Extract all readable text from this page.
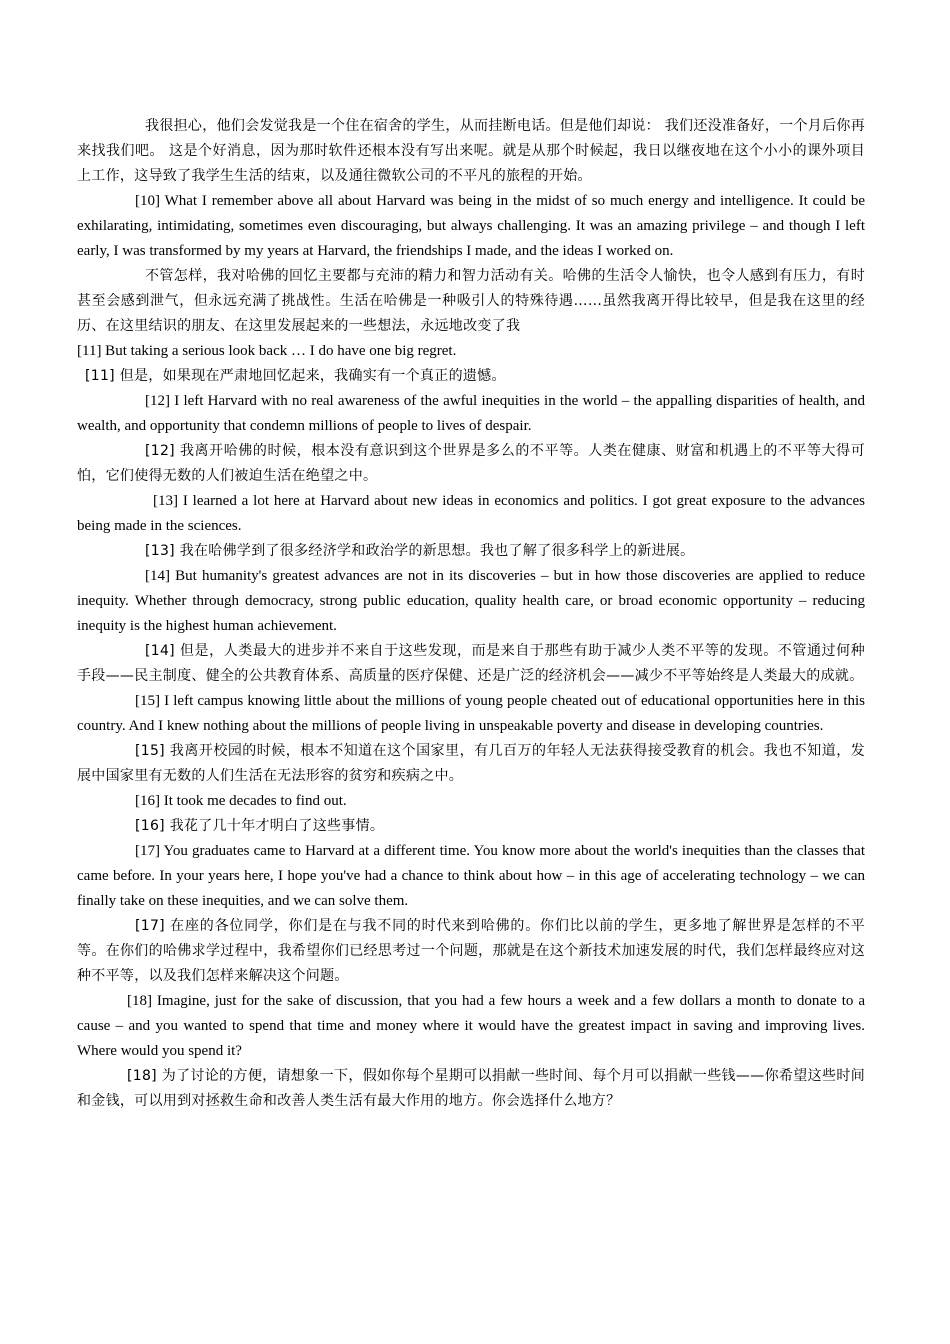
我很担心，他们会发觉我是一个住在宿舍的学生，从而挂断电话。但是他们却说： 我们还没准备好，一个月后你再来找我们吧。 这是个好消息，因为那时软件还根本没有写出来呢。就是从那个时候起，我日以继夜地在这个小小的课外项目上工作，这导致了我学生生活的结束，以及通往微软公司的不平凡的旅程的开始。

[10] What I remember above all about Harvard was being in the midst of so much energy and intelligence. It could be exhilarating, intimidating, sometimes even discouraging, but always challenging. It was an amazing privilege – and though I left early, I was transformed by my years at Harvard, the friendships I made, and the ideas I worked on.

不管怎样，我对哈佛的回忆主要都与充沛的精力和智力活动有关。哈佛的生活令人愉快，也令人感到有压力，有时甚至会感到泄气，但永远充满了挑战性。生活在哈佛是一种吸引人的特殊待遇……虽然我离开得比较早，但是我在这里的经历、在这里结识的朋友、在这里发展起来的一些想法，永远地改变了我

[11] But taking a serious look back … I do have one big regret.

[11] 但是，如果现在严肃地回忆起来，我确实有一个真正的遗憾。

[12] I left Harvard with no real awareness of the awful inequities in the world – the appalling disparities of health, and wealth, and opportunity that condemn millions of people to lives of despair.

[12] 我离开哈佛的时候，根本没有意识到这个世界是多么的不平等。人类在健康、财富和机遇上的不平等大得可怕，它们使得无数的人们被迫生活在绝望之中。

[13] I learned a lot here at Harvard about new ideas in economics and politics. I got great exposure to the advances being made in the sciences.

[13] 我在哈佛学到了很多经济学和政治学的新思想。我也了解了很多科学上的新进展。

[14] But humanity's greatest advances are not in its discoveries – but in how those discoveries are applied to reduce inequity. Whether through democracy, strong public education, quality health care, or broad economic opportunity – reducing inequity is the highest human achievement.

[14] 但是，人类最大的进步并不来自于这些发现，而是来自于那些有助于减少人类不平等的发现。不管通过何种手段——民主制度、健全的公共教育体系、高质量的医疗保健、还是广泛的经济机会——减少不平等始终是人类最大的成就。

[15] I left campus knowing little about the millions of young people cheated out of educational opportunities here in this country. And I knew nothing about the millions of people living in unspeakable poverty and disease in developing countries.

[15] 我离开校园的时候，根本不知道在这个国家里，有几百万的年轻人无法获得接受教育的机会。我也不知道，发展中国家里有无数的人们生活在无法形容的贫穷和疾病之中。

[16] It took me decades to find out.

[16] 我花了几十年才明白了这些事情。

[17] You graduates came to Harvard at a different time. You know more about the world's inequities than the classes that came before. In your years here, I hope you've had a chance to think about how – in this age of accelerating technology – we can finally take on these inequities, and we can solve them.

[17] 在座的各位同学，你们是在与我不同的时代来到哈佛的。你们比以前的学生，更多地了解世界是怎样的不平等。在你们的哈佛求学过程中，我希望你们已经思考过一个问题，那就是在这个新技术加速发展的时代，我们怎样最终应对这种不平等，以及我们怎样来解决这个问题。

[18] Imagine, just for the sake of discussion, that you had a few hours a week and a few dollars a month to donate to a cause – and you wanted to spend that time and money where it would have the greatest impact in saving and improving lives. Where would you spend it?

[18] 为了讨论的方便，请想象一下，假如你每个星期可以捐献一些时间、每个月可以捐献一些钱——你希望这些时间和金钱，可以用到对拯救生命和改善人类生活有最大作用的地方。你会选择什么地方？
